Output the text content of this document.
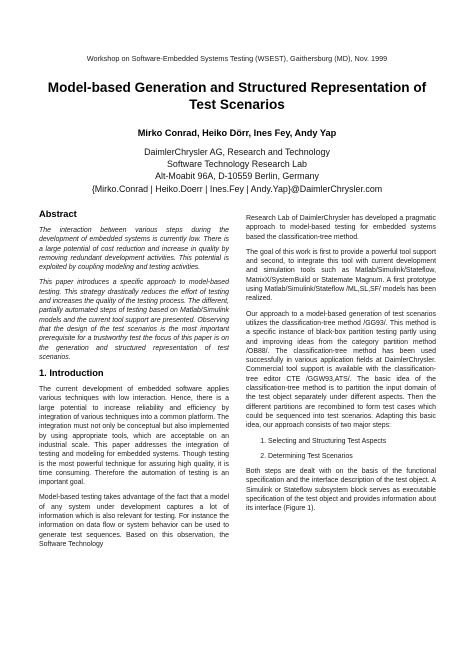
Workshop on Software-Embedded Systems Testing (WSEST), Gaithersburg (MD), Nov. 1999
Model-based Generation and Structured Representation of
Test Scenarios
Mirko Conrad, Heiko Dörr, Ines Fey, Andy Yap
DaimlerChrysler AG, Research and Technology
Software Technology Research Lab
Alt-Moabit 96A, D-10559 Berlin, Germany
{Mirko.Conrad | Heiko.Doerr | Ines.Fey | Andy.Yap}@DaimlerChrysler.com
Abstract

The interaction between various steps during the development of embedded systems is currently low. There is a large potential of cost reduction and increase in quality by removing redundant development activities. This potential is exploited by coupling modeling and testing activities.

This paper introduces a specific approach to model-based testing. This strategy drastically reduces the effort of testing and increases the quality of the testing process. The different, partially automated steps of testing based on Matlab/Simulink models and the current tool support are presented. Observing that the design of the test scenarios is the most important prerequisite for a trustworthy test the focus of this paper is on the generation and structured representation of test scenarios.

1. Introduction

The current development of embedded software applies various techniques with low interaction. Hence, there is a large potential to increase reliability and efficiency by integration of various techniques into a common platform. The integration must not only be conceptual but also implemented by using appropriate tools, which are acceptable on an industrial scale. This paper addresses the integration of testing and modeling for embedded systems. Though testing is the most powerful technique for assuring high quality, it is time consuming. Therefore the automation of testing is an important goal.

Model-based testing takes advantage of the fact that a model of any system under development captures a lot of information which is also relevant for testing. For instance the information on data flow or system behavior can be used to generate test sequences. Based on this observation, the Software Technology

Research Lab of DaimlerChrysler has developed a pragmatic approach to model-based testing for embedded systems based the classification-tree method.

The goal of this work is first to provide a powerful tool support and second, to integrate this tool with current development and simulation tools such as Matlab/Simulink/Stateflow, MatrixX/SystemBuild or Statemate Magnum. A first prototype using Matlab/Simulink/Stateflow /ML,SL,SF/ models has been realized.

Our approach to a model-based generation of test scenarios utilizes the classification-tree method /GG93/. This method is a specific instance of black-box partition testing partly using and improving ideas from the category partition method /OB88/. The classification-tree method has been used successfully in various application fields at DaimlerChrysler. Commercial tool support is available with the classification-tree editor CTE /GGW93,ATS/. The basic idea of the classification-tree method is to partition the input domain of the test object separately under different aspects. Then the different partitions are recombined to form test cases which could be sequenced into test scenarios. Adapting this basic idea, our approach consists of two major steps:

1. Selecting and Structuring Test Aspects
2. Determining Test Scenarios

Both steps are dealt with on the basis of the functional specification and the interface description of the test object. A Simulink or Stateflow subsystem block serves as executable specification of the test object and provides information about its interface (Figure 1).
